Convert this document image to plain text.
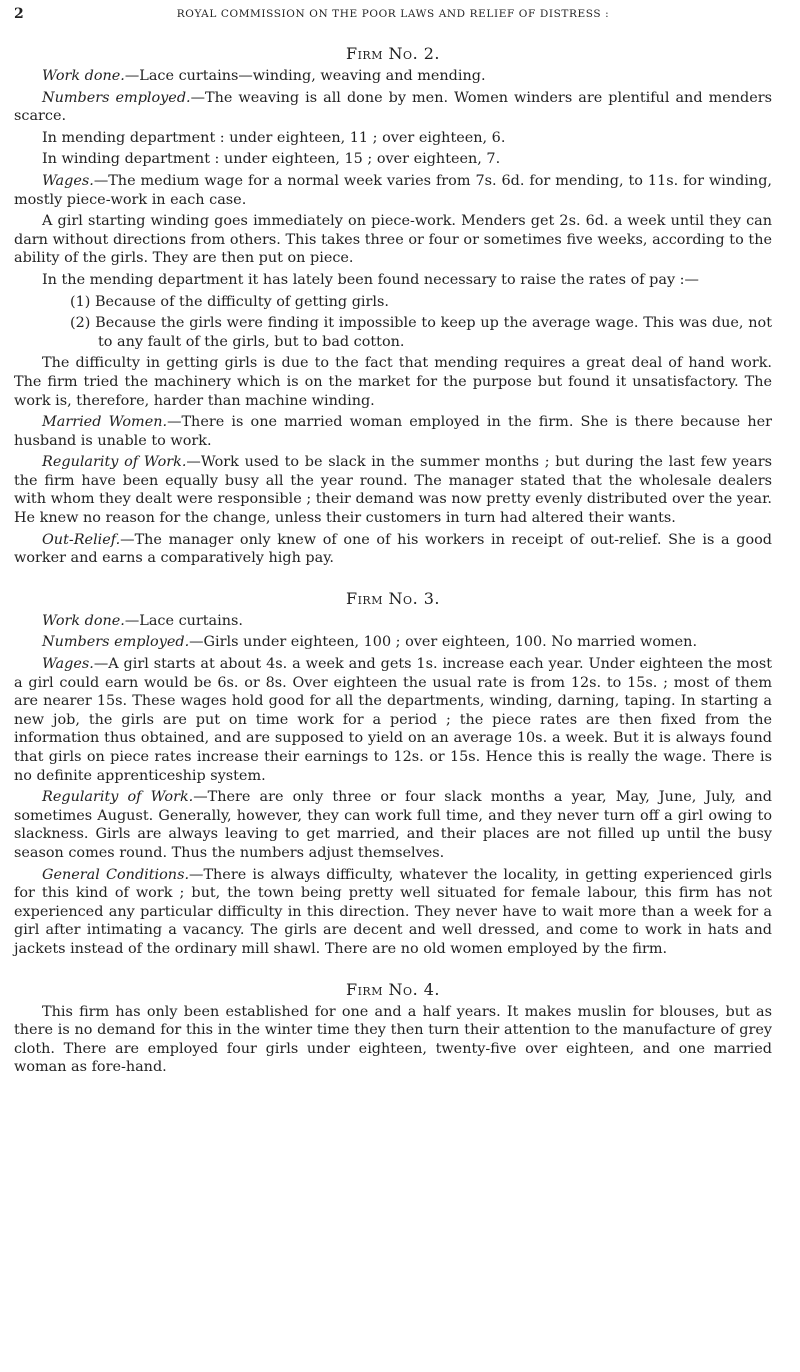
2	ROYAL COMMISSION ON THE POOR LAWS AND RELIEF OF DISTRESS :
Firm No. 2.

Work done.—Lace curtains—winding, weaving and mending.

Numbers employed.—The weaving is all done by men. Women winders are plentiful and menders scarce.

In mending department : under eighteen, 11 ; over eighteen, 6.

In winding department : under eighteen, 15 ; over eighteen, 7.

Wages.—The medium wage for a normal week varies from 7s. 6d. for mending, to 11s. for winding, mostly piece-work in each case.

A girl starting winding goes immediately on piece-work. Menders get 2s. 6d. a week until they can darn without directions from others. This takes three or four or sometimes five weeks, according to the ability of the girls. They are then put on piece.

In the mending department it has lately been found necessary to raise the rates of pay :—

(1) Because of the difficulty of getting girls.
(2) Because the girls were finding it impossible to keep up the average wage. This was due, not to any fault of the girls, but to bad cotton.

The difficulty in getting girls is due to the fact that mending requires a great deal of hand work. The firm tried the machinery which is on the market for the purpose but found it unsatisfactory. The work is, therefore, harder than machine winding.

Married Women.—There is one married woman employed in the firm. She is there because her husband is unable to work.

Regularity of Work.—Work used to be slack in the summer months ; but during the last few years the firm have been equally busy all the year round. The manager stated that the wholesale dealers with whom they dealt were responsible ; their demand was now pretty evenly distributed over the year. He knew no reason for the change, unless their customers in turn had altered their wants.

Out-Relief.—The manager only knew of one of his workers in receipt of out-relief. She is a good worker and earns a comparatively high pay.

Firm No. 3.

Work done.—Lace curtains.

Numbers employed.—Girls under eighteen, 100 ; over eighteen, 100. No married women.

Wages.—A girl starts at about 4s. a week and gets 1s. increase each year. Under eighteen the most a girl could earn would be 6s. or 8s. Over eighteen the usual rate is from 12s. to 15s. ; most of them are nearer 15s. These wages hold good for all the departments, winding, darning, taping. In starting a new job, the girls are put on time work for a period ; the piece rates are then fixed from the information thus obtained, and are supposed to yield on an average 10s. a week. But it is always found that girls on piece rates increase their earnings to 12s. or 15s. Hence this is really the wage. There is no definite apprenticeship system.

Regularity of Work.—There are only three or four slack months a year, May, June, July, and sometimes August. Generally, however, they can work full time, and they never turn off a girl owing to slackness. Girls are always leaving to get married, and their places are not filled up until the busy season comes round. Thus the numbers adjust themselves.

General Conditions.—There is always difficulty, whatever the locality, in getting experienced girls for this kind of work ; but, the town being pretty well situated for female labour, this firm has not experienced any particular difficulty in this direction. They never have to wait more than a week for a girl after intimating a vacancy. The girls are decent and well dressed, and come to work in hats and jackets instead of the ordinary mill shawl. There are no old women employed by the firm.

Firm No. 4.

This firm has only been established for one and a half years. It makes muslin for blouses, but as there is no demand for this in the winter time they then turn their attention to the manufacture of grey cloth. There are employed four girls under eighteen, twenty-five over eighteen, and one married woman as fore-hand.
